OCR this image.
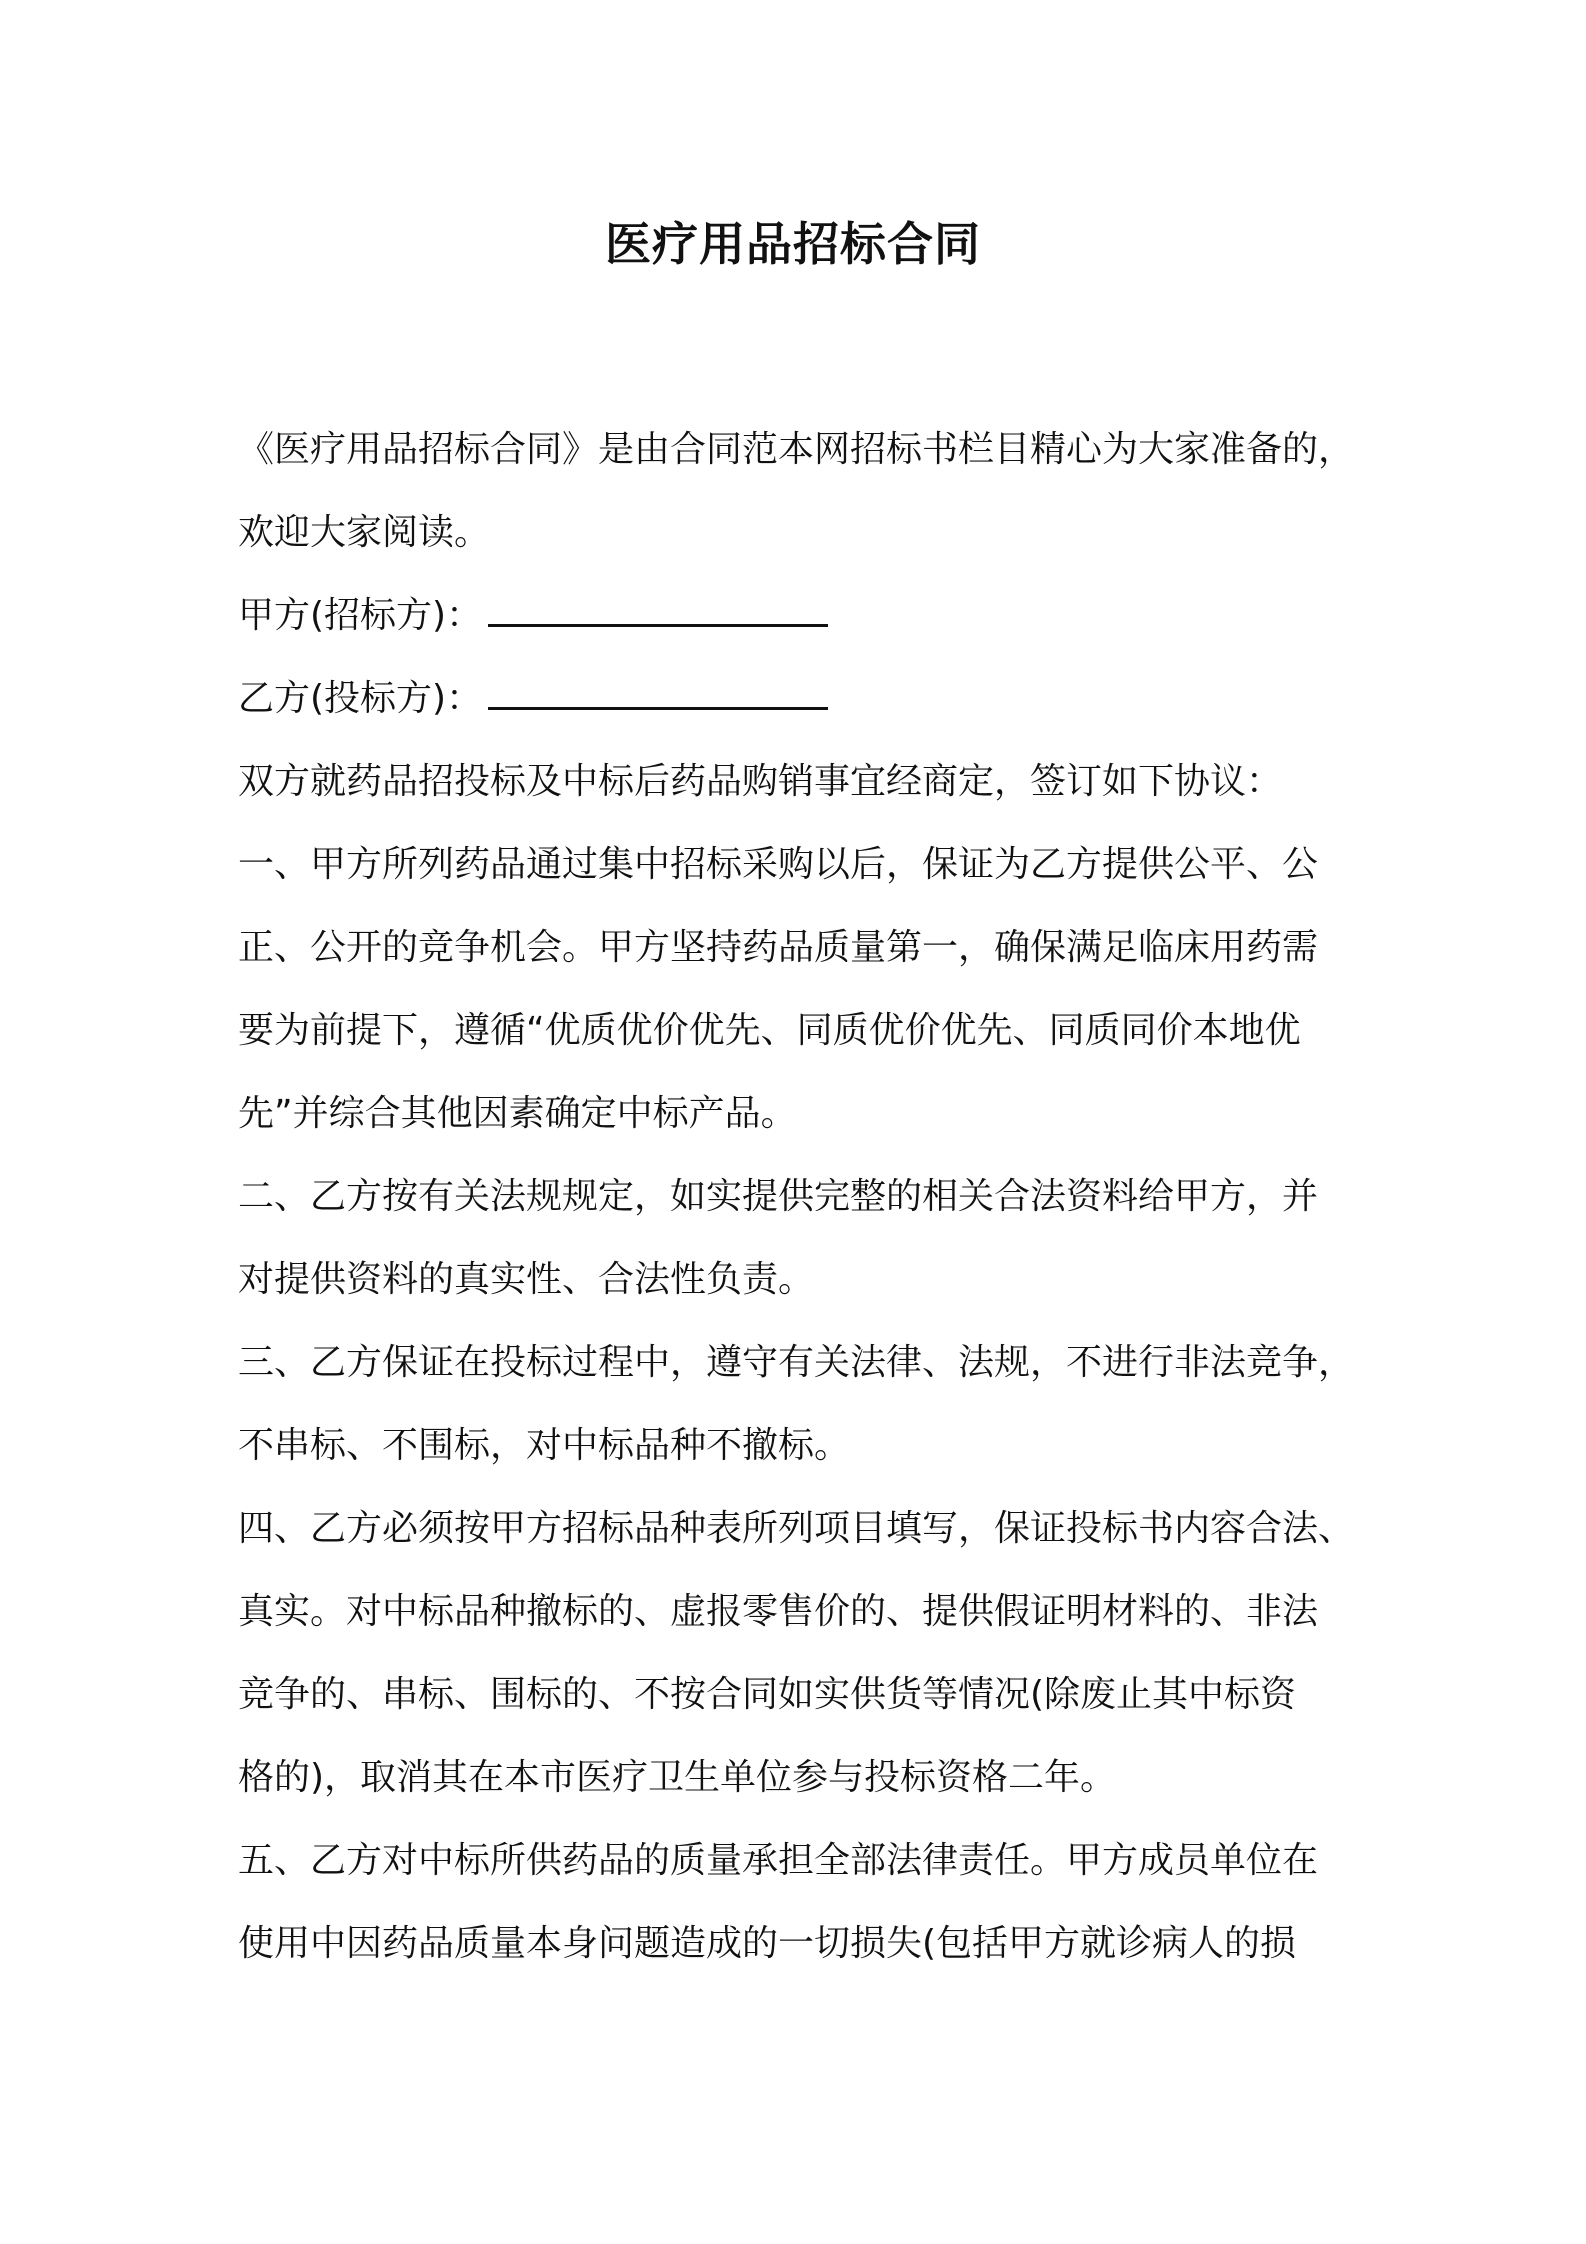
医疗用品招标合同

《医疗用品招标合同》是由合同范本网招标书栏目精心为大家准备的，

欢迎大家阅读。

甲方(招标方)：

乙方(投标方)：

双方就药品招投标及中标后药品购销事宜经商定，签订如下协议：

一、甲方所列药品通过集中招标采购以后，保证为乙方提供公平、公

正、公开的竞争机会。甲方坚持药品质量第一，确保满足临床用药需

要为前提下，遵循“优质优价优先、同质优价优先、同质同价本地优

先”并综合其他因素确定中标产品。

二、乙方按有关法规规定，如实提供完整的相关合法资料给甲方，并

对提供资料的真实性、合法性负责。

三、乙方保证在投标过程中，遵守有关法律、法规，不进行非法竞争，

不串标、不围标，对中标品种不撤标。

四、乙方必须按甲方招标品种表所列项目填写，保证投标书内容合法、

真实。对中标品种撤标的、虚报零售价的、提供假证明材料的、非法

竞争的、串标、围标的、不按合同如实供货等情况(除废止其中标资

格的)，取消其在本市医疗卫生单位参与投标资格二年。

五、乙方对中标所供药品的质量承担全部法律责任。甲方成员单位在

使用中因药品质量本身问题造成的一切损失(包括甲方就诊病人的损
